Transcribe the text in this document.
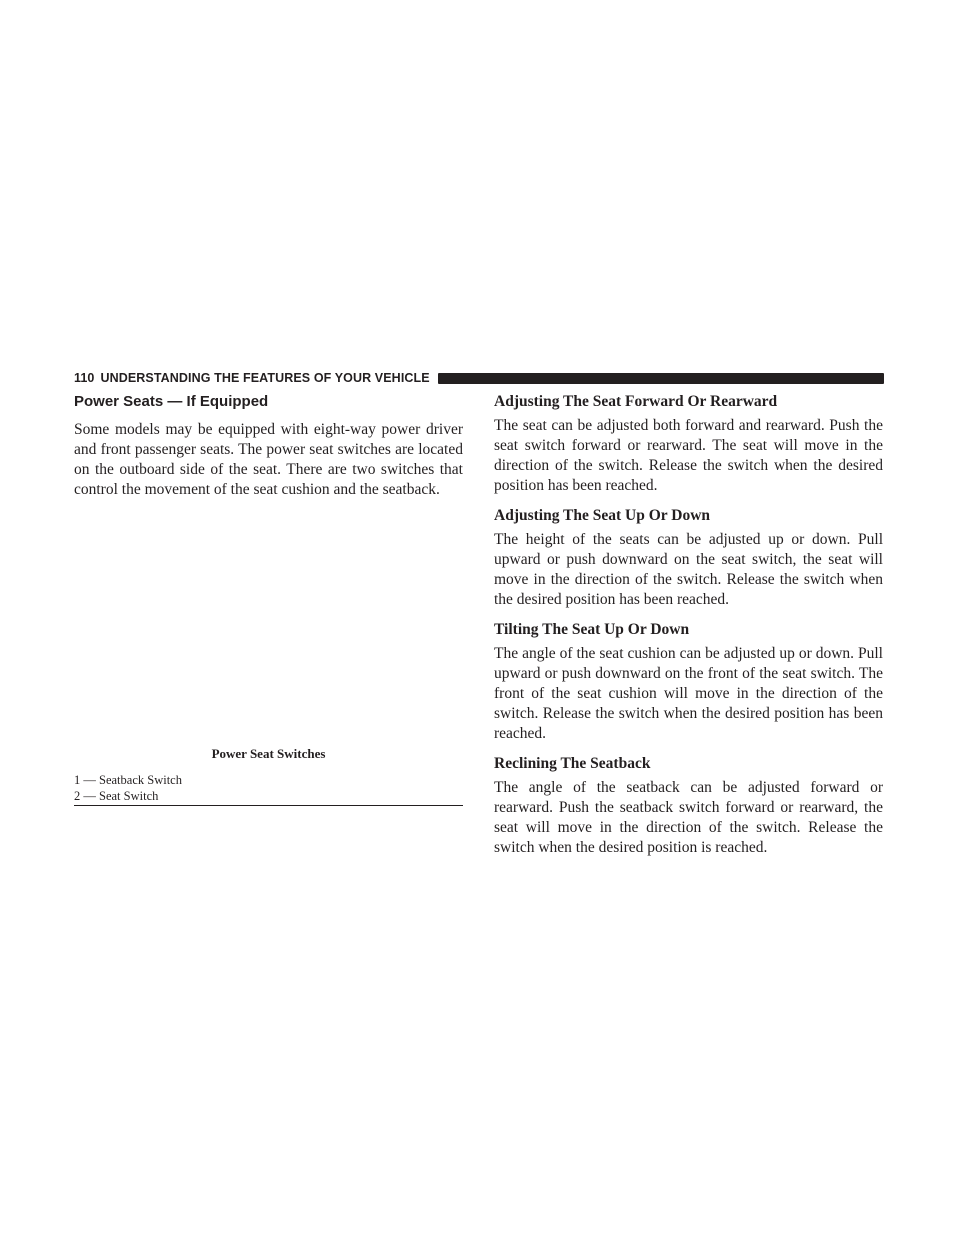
110 UNDERSTANDING THE FEATURES OF YOUR VEHICLE
Power Seats — If Equipped

Some models may be equipped with eight-way power driver and front passenger seats. The power seat switches are located on the outboard side of the seat. There are two switches that control the movement of the seat cushion and the seatback.

Power Seat Switches
1 — Seatback Switch
2 — Seat Switch
Adjusting The Seat Forward Or Rearward

The seat can be adjusted both forward and rearward. Push the seat switch forward or rearward. The seat will move in the direction of the switch. Release the switch when the desired position has been reached.

Adjusting The Seat Up Or Down

The height of the seats can be adjusted up or down. Pull upward or push downward on the seat switch, the seat will move in the direction of the switch. Release the switch when the desired position has been reached.

Tilting The Seat Up Or Down

The angle of the seat cushion can be adjusted up or down. Pull upward or push downward on the front of the seat switch. The front of the seat cushion will move in the direction of the switch. Release the switch when the desired position has been reached.

Reclining The Seatback

The angle of the seatback can be adjusted forward or rearward. Push the seatback switch forward or rearward, the seat will move in the direction of the switch. Release the switch when the desired position is reached.
